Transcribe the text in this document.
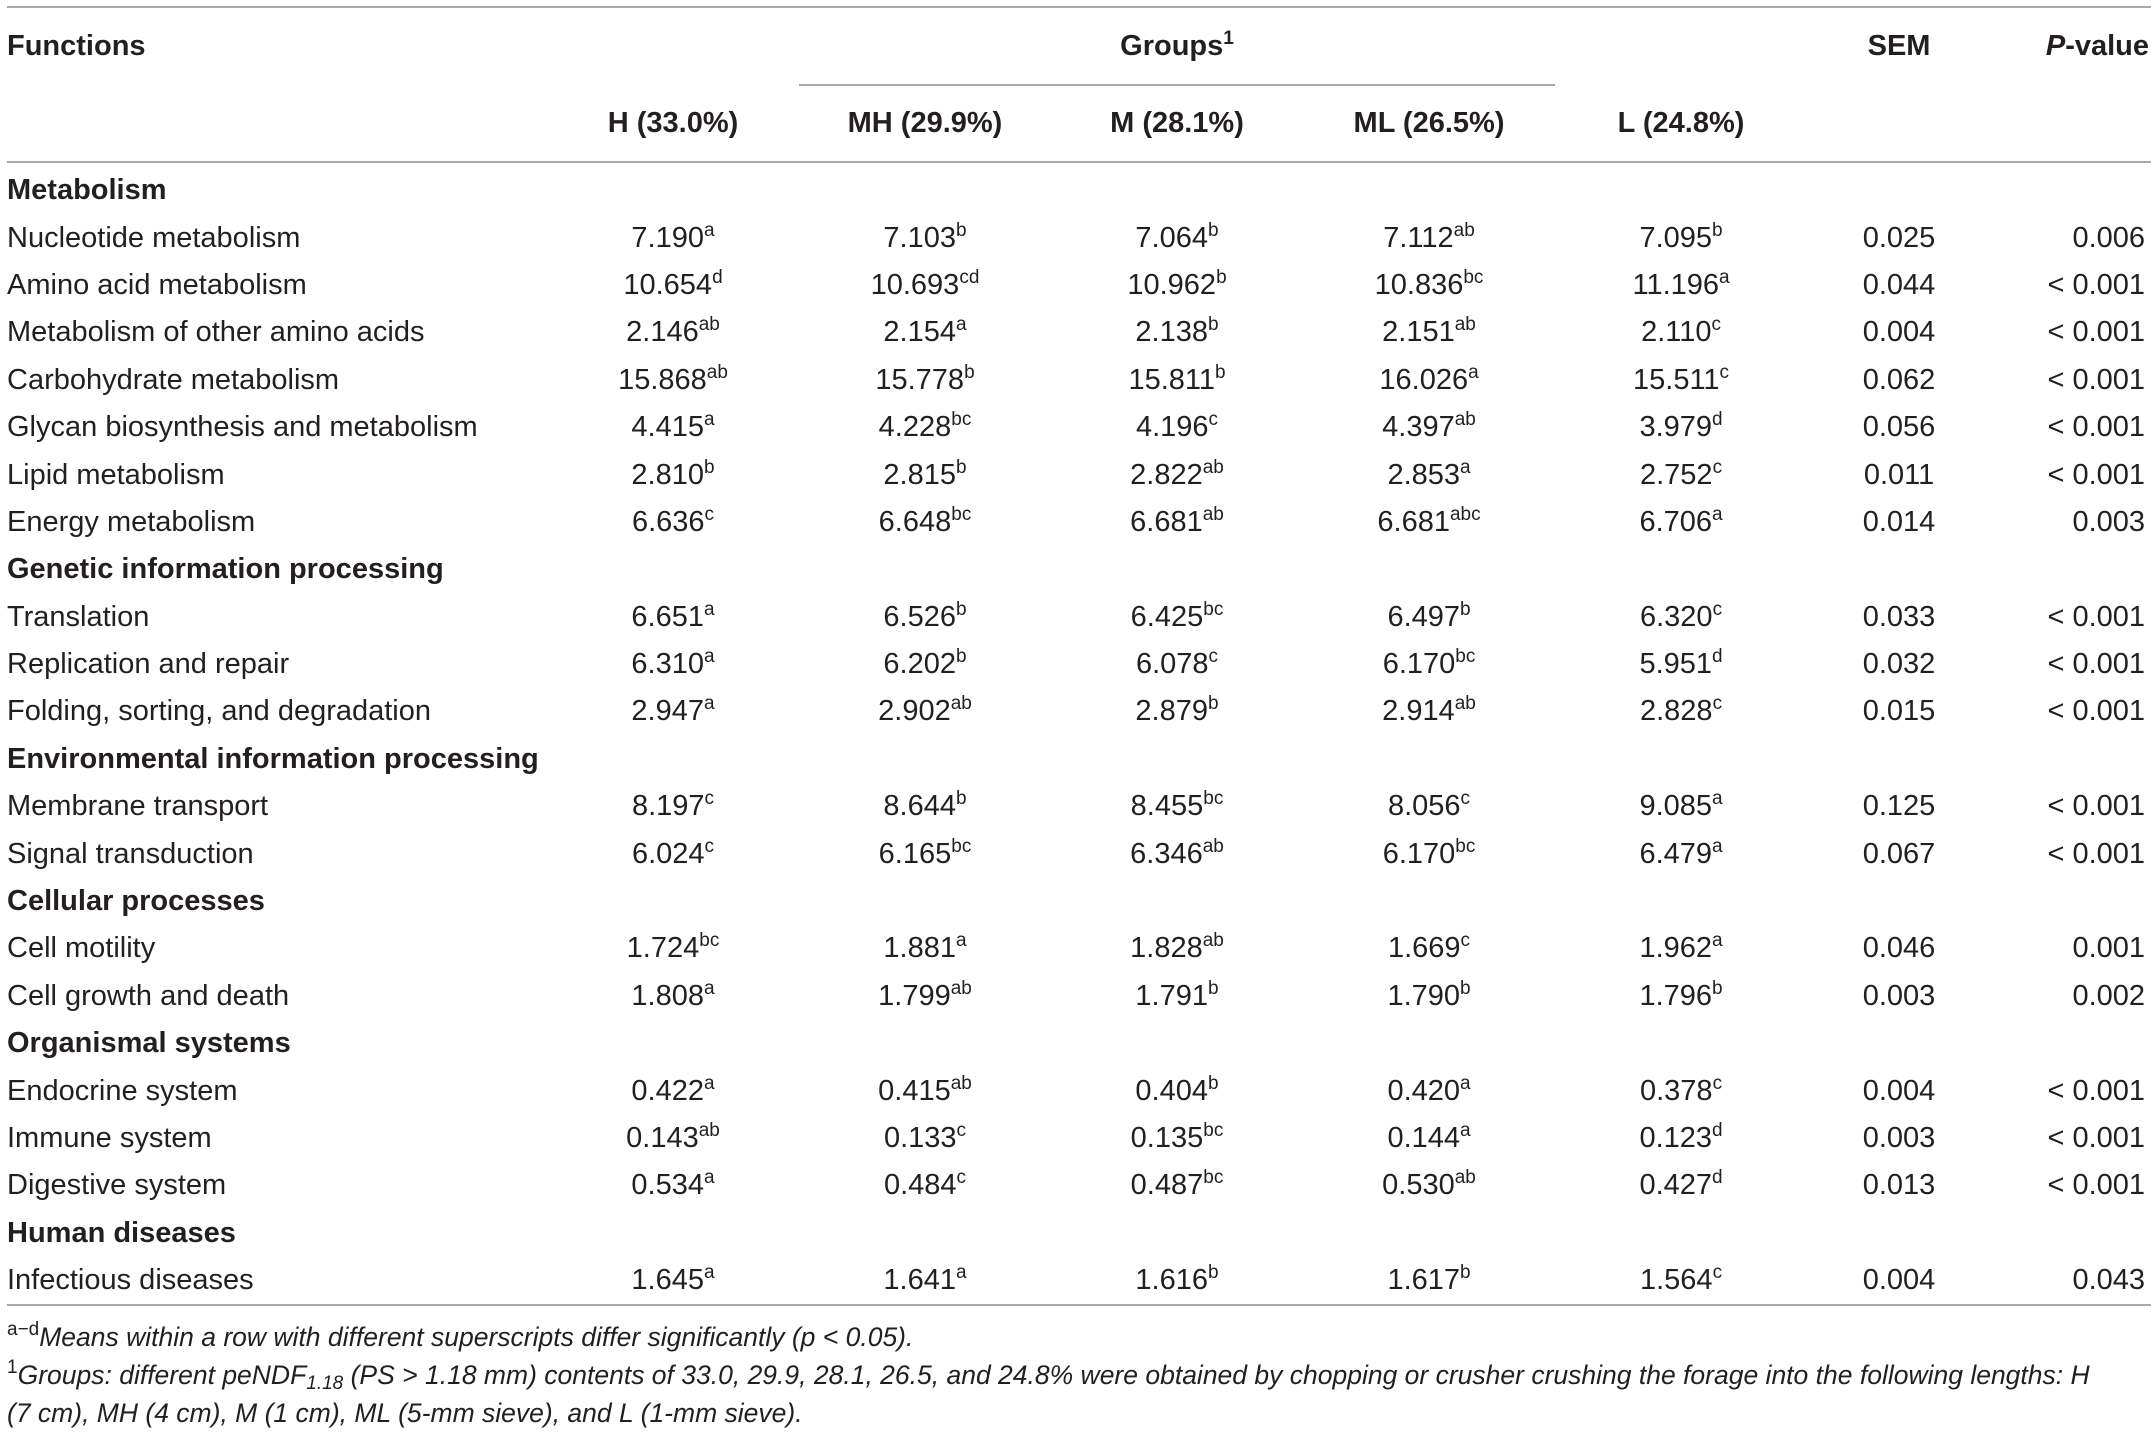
Functions		Groups$^1$				SEM	P-value
	H (33.0%)	MH (29.9%)	M (28.1%)	ML (26.5%)	L (24.8%)		
Metabolism							
Nucleotide metabolism	7.190$^a$	7.103$^b$	7.064$^b$	7.112$^{ab}$	7.095$^b$	0.025	0.006
Amino acid metabolism	10.654$^d$	10.693$^{cd}$	10.962$^b$	10.836$^{bc}$	11.196$^a$	0.044	< 0.001
Metabolism of other amino acids	2.146$^{ab}$	2.154$^a$	2.138$^b$	2.151$^{ab}$	2.110$^c$	0.004	< 0.001
Carbohydrate metabolism	15.868$^{ab}$	15.778$^b$	15.811$^b$	16.026$^a$	15.511$^c$	0.062	< 0.001
Glycan biosynthesis and metabolism	4.415$^a$	4.228$^{bc}$	4.196$^c$	4.397$^{ab}$	3.979$^d$	0.056	< 0.001
Lipid metabolism	2.810$^b$	2.815$^b$	2.822$^{ab}$	2.853$^a$	2.752$^c$	0.011	< 0.001
Energy metabolism	6.636$^c$	6.648$^{bc}$	6.681$^{ab}$	6.681$^{abc}$	6.706$^a$	0.014	0.003
Genetic information processing							
Translation	6.651$^a$	6.526$^b$	6.425$^{bc}$	6.497$^b$	6.320$^c$	0.033	< 0.001
Replication and repair	6.310$^a$	6.202$^b$	6.078$^c$	6.170$^{bc}$	5.951$^d$	0.032	< 0.001
Folding, sorting, and degradation	2.947$^a$	2.902$^{ab}$	2.879$^b$	2.914$^{ab}$	2.828$^c$	0.015	< 0.001
Environmental information processing							
Membrane transport	8.197$^c$	8.644$^b$	8.455$^{bc}$	8.056$^c$	9.085$^a$	0.125	< 0.001
Signal transduction	6.024$^c$	6.165$^{bc}$	6.346$^{ab}$	6.170$^{bc}$	6.479$^a$	0.067	< 0.001
Cellular processes							
Cell motility	1.724$^{bc}$	1.881$^a$	1.828$^{ab}$	1.669$^c$	1.962$^a$	0.046	0.001
Cell growth and death	1.808$^a$	1.799$^{ab}$	1.791$^b$	1.790$^b$	1.796$^b$	0.003	0.002
Organismal systems							
Endocrine system	0.422$^a$	0.415$^{ab}$	0.404$^b$	0.420$^a$	0.378$^c$	0.004	< 0.001
Immune system	0.143$^{ab}$	0.133$^c$	0.135$^{bc}$	0.144$^a$	0.123$^d$	0.003	< 0.001
Digestive system	0.534$^a$	0.484$^c$	0.487$^{bc}$	0.530$^{ab}$	0.427$^d$	0.013	< 0.001
Human diseases							
Infectious diseases	1.645$^a$	1.641$^a$	1.616$^b$	1.617$^b$	1.564$^c$	0.004	0.043

$^{a-d}$Means within a row with different superscripts differ significantly (p < 0.05).

$^1$Groups: different peNDF$_{1.18}$ (PS > 1.18 mm) contents of 33.0, 29.9, 28.1, 26.5, and 24.8% were obtained by chopping or crusher crushing the forage into the following lengths: H (7 cm), MH (4 cm), M (1 cm), ML (5-mm sieve), and L (1-mm sieve).
